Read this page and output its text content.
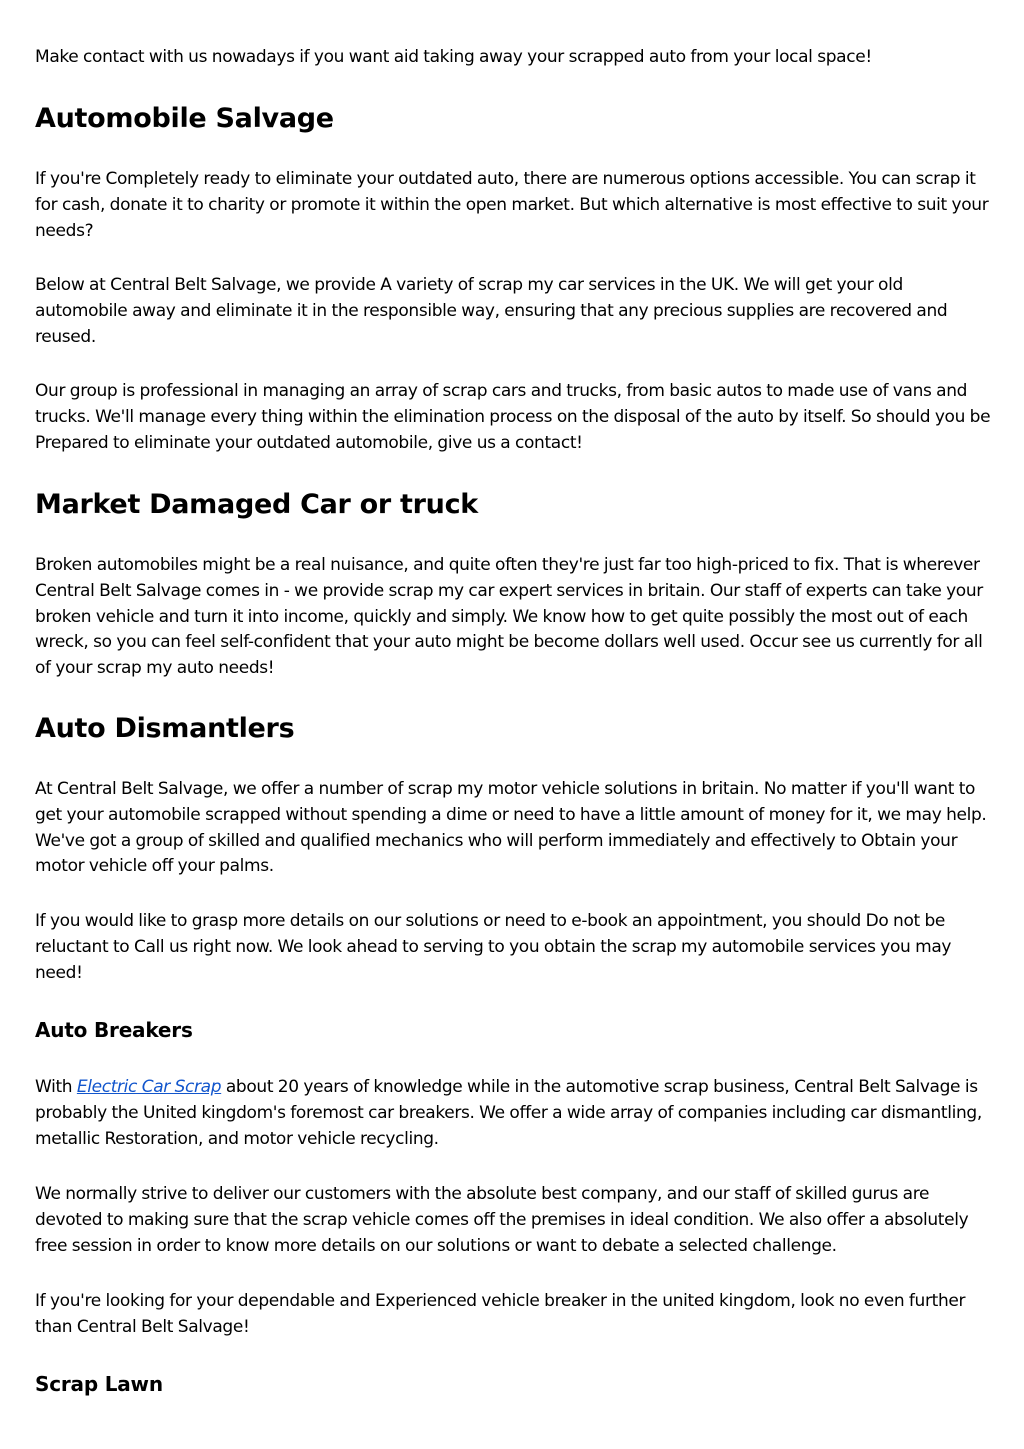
Make contact with us nowadays if you want aid taking away your scrapped auto from your local space!

Automobile Salvage

If you're Completely ready to eliminate your outdated auto, there are numerous options accessible. You can scrap it for cash, donate it to charity or promote it within the open market. But which alternative is most effective to suit your needs?

Below at Central Belt Salvage, we provide A variety of scrap my car services in the UK. We will get your old automobile away and eliminate it in the responsible way, ensuring that any precious supplies are recovered and reused.

Our group is professional in managing an array of scrap cars and trucks, from basic autos to made use of vans and trucks. We'll manage every thing within the elimination process on the disposal of the auto by itself. So should you be Prepared to eliminate your outdated automobile, give us a contact!

Market Damaged Car or truck

Broken automobiles might be a real nuisance, and quite often they're just far too high-priced to fix. That is wherever Central Belt Salvage comes in - we provide scrap my car expert services in britain. Our staff of experts can take your broken vehicle and turn it into income, quickly and simply. We know how to get quite possibly the most out of each wreck, so you can feel self-confident that your auto might be become dollars well used. Occur see us currently for all of your scrap my auto needs!

Auto Dismantlers

At Central Belt Salvage, we offer a number of scrap my motor vehicle solutions in britain. No matter if you'll want to get your automobile scrapped without spending a dime or need to have a little amount of money for it, we may help. We've got a group of skilled and qualified mechanics who will perform immediately and effectively to Obtain your motor vehicle off your palms.

If you would like to grasp more details on our solutions or need to e-book an appointment, you should Do not be reluctant to Call us right now. We look ahead to serving to you obtain the scrap my automobile services you may need!

Auto Breakers

With Electric Car Scrap about 20 years of knowledge while in the automotive scrap business, Central Belt Salvage is probably the United kingdom's foremost car breakers. We offer a wide array of companies including car dismantling, metallic Restoration, and motor vehicle recycling.

We normally strive to deliver our customers with the absolute best company, and our staff of skilled gurus are devoted to making sure that the scrap vehicle comes off the premises in ideal condition. We also offer a absolutely free session in order to know more details on our solutions or want to debate a selected challenge.

If you're looking for your dependable and Experienced vehicle breaker in the united kingdom, look no even further than Central Belt Salvage!

Scrap Lawn
